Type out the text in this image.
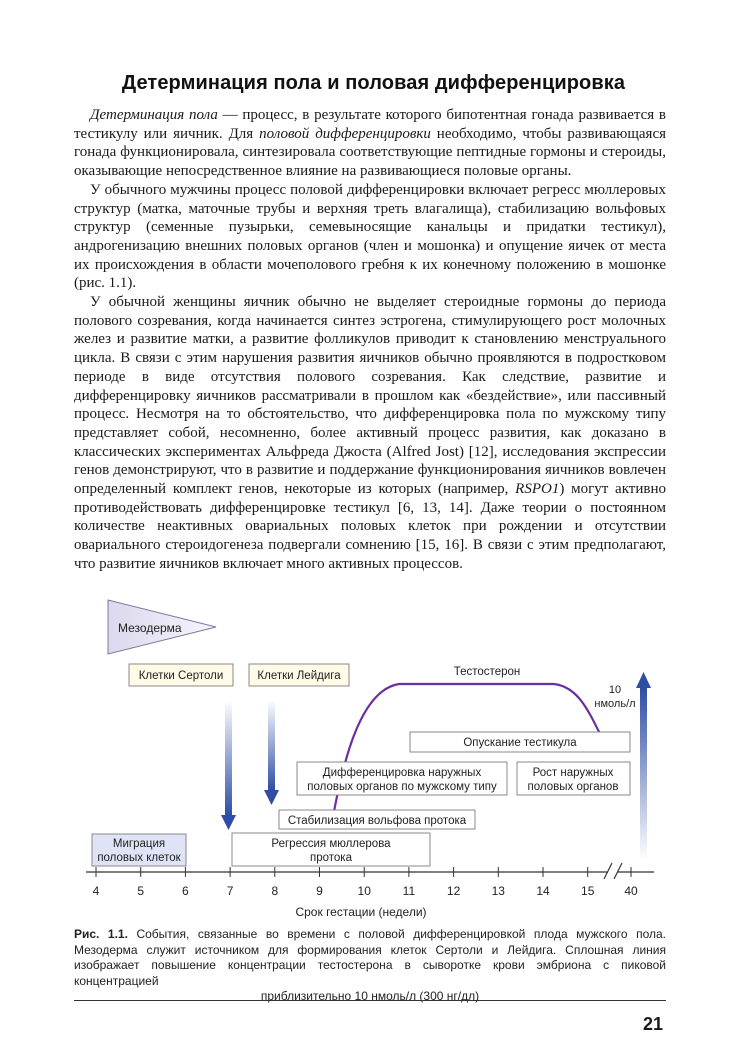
Детерминация пола и половая дифференцировка

Детерминация пола — процесс, в результате которого бипотентная гонада развивается в тестикулу или яичник. Для половой дифференцировки необходимо, чтобы развивающаяся гонада функционировала, синтезировала соответствующие пептидные гормоны и стероиды, оказывающие непосредственное влияние на развивающиеся половые органы.

У обычного мужчины процесс половой дифференцировки включает регресс мюллеровых структур (матка, маточные трубы и верхняя треть влагалища), стабилизацию вольфовых структур (семенные пузырьки, семевыносящие канальцы и придатки тестикул), андрогенизацию внешних половых органов (член и мошонка) и опущение яичек от места их происхождения в области мочеполового гребня к их конечному положению в мошонке (рис. 1.1).

У обычной женщины яичник обычно не выделяет стероидные гормоны до периода полового созревания, когда начинается синтез эстрогена, стимулирующего рост молочных желез и развитие матки, а развитие фолликулов приводит к становлению менструального цикла. В связи с этим нарушения развития яичников обычно проявляются в подростковом периоде в виде отсутствия полового созревания. Как следствие, развитие и дифференцировку яичников рассматривали в прошлом как «бездействие», или пассивный процесс. Несмотря на то обстоятельство, что дифференцировка пола по мужскому типу представляет собой, несомненно, более активный процесс развития, как доказано в классических экспериментах Альфреда Джоста (Alfred Jost) [12], исследования экспрессии генов демонстрируют, что в развитие и поддержание функционирования яичников вовлечен определенный комплект генов, некоторые из которых (например, RSPO1) могут активно противодействовать дифференцировке тестикул [6, 13, 14]. Даже теории о постоянном количестве неактивных овариальных половых клеток при рождении и отсутствии овариального стероидогенеза подвергали сомнению [15, 16]. В связи с этим предполагают, что развитие яичников включает много активных процессов.

Мезодерма
Клетки Сертоли	Клетки Лейдига	Тестостерон
10
нмоль/л
Опускание тестикула
Дифференцировка наружных
половых органов по мужскому типу
Рост наружных
половых органов
Стабилизация вольфова протока
Миграция
половых клеток
Регрессия мюллерова
протока
4	5	6	7	8	9	10	11	12	13	14	15 40
Срок гестации (недели)
Рис. 1.1. События, связанные во времени с половой дифференцировкой плода мужского пола. Мезодерма служит источником для формирования клеток Сертоли и Лейдига. Сплошная линия изображает повышение концентрации тестостерона в сыворотке крови эмбриона с пиковой концентрацией
приблизительно 10 нмоль/л (300 нг/дл)
21
